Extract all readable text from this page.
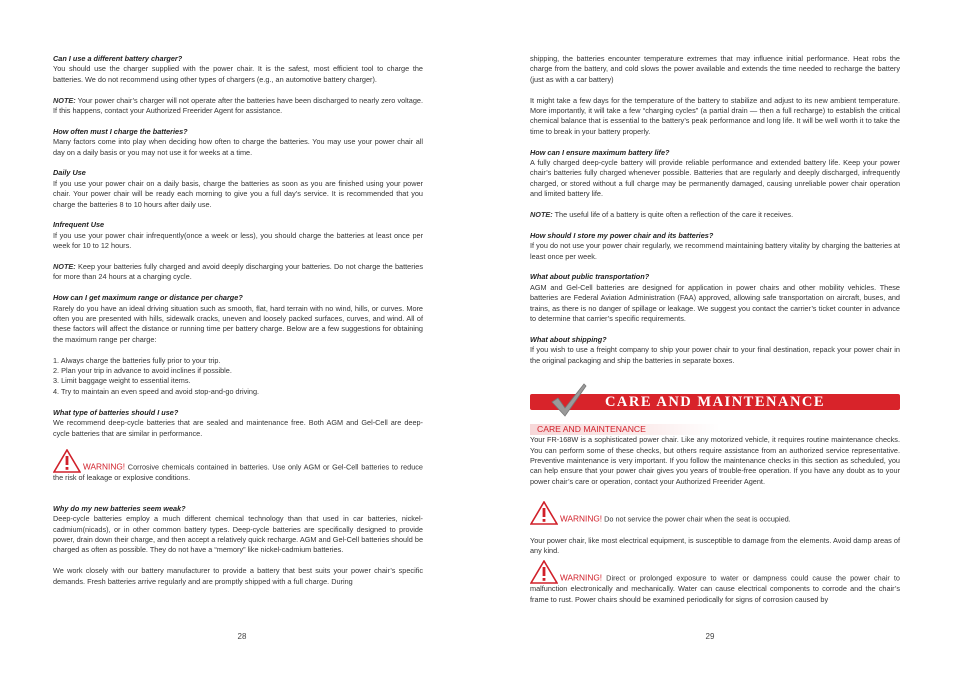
Can I use a different battery charger?

You should use the charger supplied with the power chair. It is the safest, most efficient tool to charge the batteries. We do not recommend using other types of chargers (e.g., an automotive battery charger).

NOTE: Your power chair’s charger will not operate after the batteries have been discharged to nearly zero voltage. If this happens, contact your Authorized Freerider Agent for assistance.

How often must I charge the batteries?

Many factors come into play when deciding how often to charge the batteries. You may use your power chair all day on a daily basis or you may not use it for weeks at a time.

Daily Use

If you use your power chair on a daily basis, charge the batteries as soon as you are finished using your power chair. Your power chair will be ready each morning to give you a full day’s service. It is recommended that you charge the batteries 8 to 10 hours after daily use.

Infrequent Use

If you use your power chair infrequently(once a week or less), you should charge the batteries at least once per week for 10 to 12 hours.

NOTE: Keep your batteries fully charged and avoid deeply discharging your batteries. Do not charge the batteries for more than 24 hours at a charging cycle.

How can I get maximum range or distance per charge?

Rarely do you have an ideal driving situation such as smooth, flat, hard terrain with no wind, hills, or curves. More often you are presented with hills, sidewalk cracks, uneven and loosely packed surfaces, curves, and wind. All of these factors will affect the distance or running time per battery charge. Below are a few suggestions for obtaining the maximum range per charge:

1. Always charge the batteries fully prior to your trip.

2. Plan your trip in advance to avoid inclines if possible.

3. Limit baggage weight to essential items.

4. Try to maintain an even speed and avoid stop-and-go driving.

What type of batteries should I use?

We recommend deep-cycle batteries that are sealed and maintenance free. Both AGM and Gel-Cell are deep-cycle batteries that are similar in performance.

WARNING! Corrosive chemicals contained in batteries. Use only AGM or Gel-Cell batteries to reduce the risk of leakage or explosive conditions.

Why do my new batteries seem weak?

Deep-cycle batteries employ a much different chemical technology than that used in car batteries, nickel-cadmium(nicads), or in other common battery types. Deep-cycle batteries are specifically designed to provide power, drain down their charge, and then accept a relatively quick recharge. AGM and Gel-Cell batteries should be charged as often as possible. They do not have a “memory” like nickel-cadmium batteries.

We work closely with our battery manufacturer to provide a battery that best suits your power chair’s specific demands. Fresh batteries arrive regularly and are promptly shipped with a full charge. During

28

shipping, the batteries encounter temperature extremes that may influence initial performance. Heat robs the charge from the battery, and cold slows the power available and extends the time needed to recharge the battery (just as with a car battery)

It might take a few days for the temperature of the battery to stabilize and adjust to its new ambient temperature. More importantly, it will take a few “charging cycles” (a partial drain — then a full recharge) to establish the critical chemical balance that is essential to the battery’s peak performance and long life. It will be well worth it to take the time to break in your battery properly.

How can I ensure maximum battery life?

A fully charged deep-cycle battery will provide reliable performance and extended battery life. Keep your power chair’s batteries fully charged whenever possible. Batteries that are regularly and deeply discharged, infrequently charged, or stored without a full charge may be permanently damaged, causing unreliable power chair operation and limited battery life.

NOTE: The useful life of a battery is quite often a reflection of the care it receives.

How should I store my power chair and its batteries?

If you do not use your power chair regularly, we recommend maintaining battery vitality by charging the batteries at least once per week.

What about public transportation?

AGM and Gel-Cell batteries are designed for application in power chairs and other mobility vehicles. These batteries are Federal Aviation Administration (FAA) approved, allowing safe transportation on aircraft, buses, and trains, as there is no danger of spillage or leakage. We suggest you contact the carrier’s ticket counter in advance to determine that carrier’s specific requirements.

What about shipping?

If you wish to use a freight company to ship your power chair to your final destination, repack your power chair in the original packaging and ship the batteries in separate boxes.

CARE AND MAINTENANCE
CARE AND MAINTENANCE

Your FR-168W is a sophisticated power chair. Like any motorized vehicle, it requires routine maintenance checks. You can perform some of these checks, but others require assistance from an authorized service representative. Preventive maintenance is very important. If you follow the maintenance checks in this section as scheduled, you can help ensure that your power chair gives you years of trouble-free operation. If you have any doubt as to your power chair’s care or operation, contact your Authorized Freerider Agent.

WARNING! Do not service the power chair when the seat is occupied.

Your power chair, like most electrical equipment, is susceptible to damage from the elements. Avoid damp areas of any kind.

WARNING! Direct or prolonged exposure to water or dampness could cause the power chair to malfunction electronically and mechanically. Water can cause electrical components to corrode and the chair’s frame to rust. Power chairs should be examined periodically for signs of corrosion caused by

29
